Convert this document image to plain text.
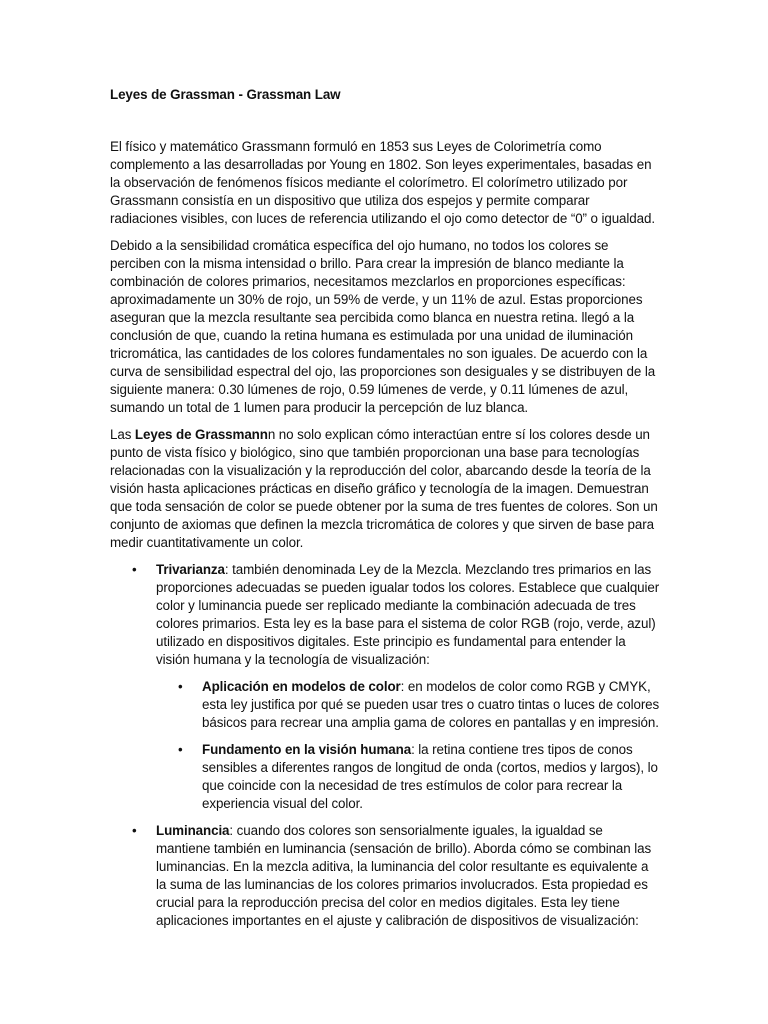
Leyes de Grassman - Grassman Law

El físico y matemático Grassmann formuló en 1853 sus Leyes de Colorimetría como complemento a las desarrolladas por Young en 1802. Son leyes experimentales, basadas en la observación de fenómenos físicos mediante el colorímetro. El colorímetro utilizado por Grassmann consistía en un dispositivo que utiliza dos espejos y permite comparar radiaciones visibles, con luces de referencia utilizando el ojo como detector de “0” o igualdad.

Debido a la sensibilidad cromática específica del ojo humano, no todos los colores se perciben con la misma intensidad o brillo. Para crear la impresión de blanco mediante la combinación de colores primarios, necesitamos mezclarlos en proporciones específicas: aproximadamente un 30% de rojo, un 59% de verde, y un 11% de azul. Estas proporciones aseguran que la mezcla resultante sea percibida como blanca en nuestra retina. llegó a la conclusión de que, cuando la retina humana es estimulada por una unidad de iluminación tricromática, las cantidades de los colores fundamentales no son iguales. De acuerdo con la curva de sensibilidad espectral del ojo, las proporciones son desiguales y se distribuyen de la siguiente manera: 0.30 lúmenes de rojo, 0.59 lúmenes de verde, y 0.11 lúmenes de azul, sumando un total de 1 lumen para producir la percepción de luz blanca.

Las Leyes de Grassmannn no solo explican cómo interactúan entre sí los colores desde un punto de vista físico y biológico, sino que también proporcionan una base para tecnologías relacionadas con la visualización y la reproducción del color, abarcando desde la teoría de la visión hasta aplicaciones prácticas en diseño gráfico y tecnología de la imagen. Demuestran que toda sensación de color se puede obtener por la suma de tres fuentes de colores. Son un conjunto de axiomas que definen la mezcla tricromática de colores y que sirven de base para medir cuantitativamente un color.

• Trivarianza: también denominada Ley de la Mezcla. Mezclando tres primarios en las proporciones adecuadas se pueden igualar todos los colores. Establece que cualquier color y luminancia puede ser replicado mediante la combinación adecuada de tres colores primarios. Esta ley es la base para el sistema de color RGB (rojo, verde, azul) utilizado en dispositivos digitales. Este principio es fundamental para entender la visión humana y la tecnología de visualización:
• Aplicación en modelos de color: en modelos de color como RGB y CMYK, esta ley justifica por qué se pueden usar tres o cuatro tintas o luces de colores básicos para recrear una amplia gama de colores en pantallas y en impresión.
• Fundamento en la visión humana: la retina contiene tres tipos de conos sensibles a diferentes rangos de longitud de onda (cortos, medios y largos), lo que coincide con la necesidad de tres estímulos de color para recrear la experiencia visual del color.
• Luminancia: cuando dos colores son sensorialmente iguales, la igualdad se mantiene también en luminancia (sensación de brillo). Aborda cómo se combinan las luminancias. En la mezcla aditiva, la luminancia del color resultante es equivalente a la suma de las luminancias de los colores primarios involucrados. Esta propiedad es crucial para la reproducción precisa del color en medios digitales. Esta ley tiene aplicaciones importantes en el ajuste y calibración de dispositivos de visualización:
